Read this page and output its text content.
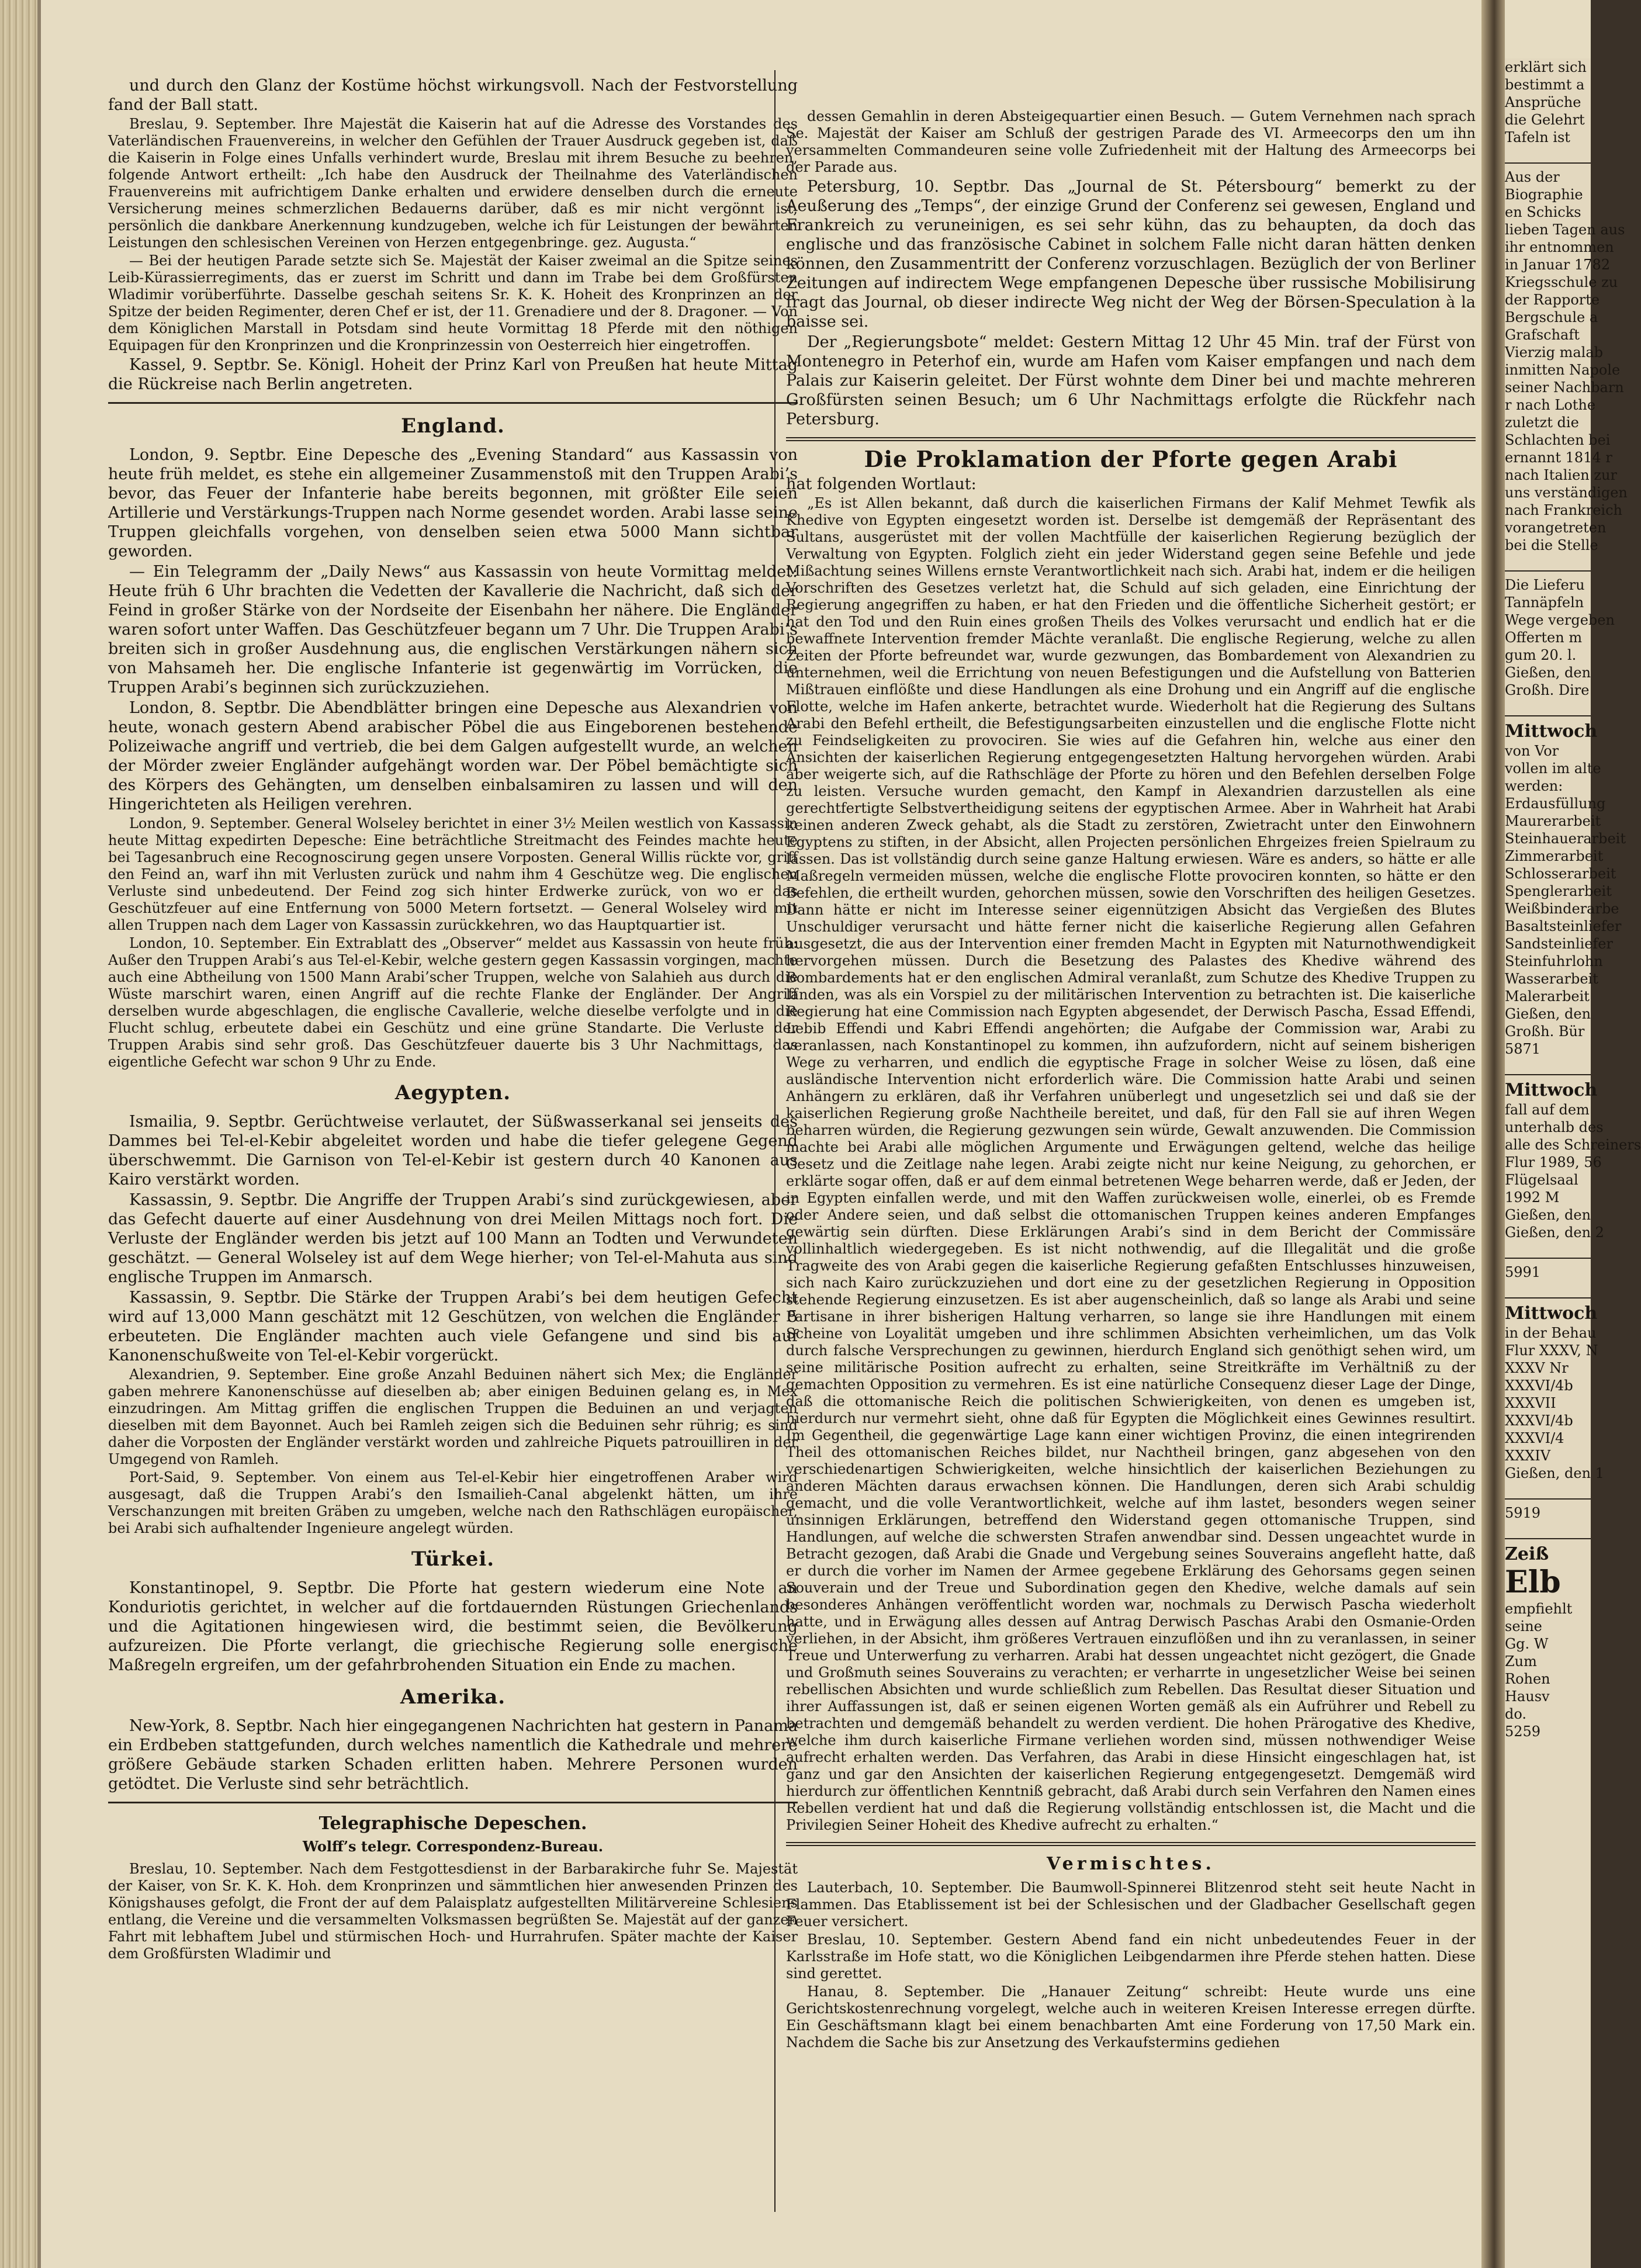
und durch den Glanz der Kostüme höchst wirkungsvoll. Nach der Festvorstellung fand der Ball statt.

Breslau, 9. September. Ihre Majestät die Kaiserin hat auf die Adresse des Vorstandes des Vaterländischen Frauenvereins, in welcher den Gefühlen der Trauer Ausdruck gegeben ist, daß die Kaiserin in Folge eines Unfalls verhindert wurde, Breslau mit ihrem Besuche zu beehren, folgende Antwort ertheilt: „Ich habe den Ausdruck der Theilnahme des Vaterländischen Frauenvereins mit aufrichtigem Danke erhalten und erwidere denselben durch die erneute Versicherung meines schmerzlichen Bedauerns darüber, daß es mir nicht vergönnt ist, persönlich die dankbare Anerkennung kundzugeben, welche ich für Leistungen der bewährten Leistungen den schlesischen Vereinen von Herzen entgegenbringe. gez. Augusta.“

— Bei der heutigen Parade setzte sich Se. Majestät der Kaiser zweimal an die Spitze seines Leib-Kürassierregiments, das er zuerst im Schritt und dann im Trabe bei dem Großfürsten Wladimir vorüberführte. Dasselbe geschah seitens Sr. K. K. Hoheit des Kronprinzen an der Spitze der beiden Regimenter, deren Chef er ist, der 11. Grenadiere und der 8. Dragoner. — Von dem Königlichen Marstall in Potsdam sind heute Vormittag 18 Pferde mit den nöthigen Equipagen für den Kronprinzen und die Kronprinzessin von Oesterreich hier eingetroffen.

Kassel, 9. Septbr. Se. Königl. Hoheit der Prinz Karl von Preußen hat heute Mittag die Rückreise nach Berlin angetreten.

England.

London, 9. Septbr. Eine Depesche des „Evening Standard“ aus Kassassin von heute früh meldet, es stehe ein allgemeiner Zusammenstoß mit den Truppen Arabi’s bevor, das Feuer der Infanterie habe bereits begonnen, mit größter Eile seien Artillerie und Verstärkungs-Truppen nach Norme gesendet worden. Arabi lasse seine Truppen gleichfalls vorgehen, von denselben seien etwa 5000 Mann sichtbar geworden.

— Ein Telegramm der „Daily News“ aus Kassassin von heute Vormittag meldet: Heute früh 6 Uhr brachten die Vedetten der Kavallerie die Nachricht, daß sich der Feind in großer Stärke von der Nordseite der Eisenbahn her nähere. Die Engländer waren sofort unter Waffen. Das Geschützfeuer begann um 7 Uhr. Die Truppen Arabi’s breiten sich in großer Ausdehnung aus, die englischen Verstärkungen nähern sich von Mahsameh her. Die englische Infanterie ist gegenwärtig im Vorrücken, die Truppen Arabi’s beginnen sich zurückzuziehen.

London, 8. Septbr. Die Abendblätter bringen eine Depesche aus Alexandrien von heute, wonach gestern Abend arabischer Pöbel die aus Eingeborenen bestehende Polizeiwache angriff und vertrieb, die bei dem Galgen aufgestellt wurde, an welchen der Mörder zweier Engländer aufgehängt worden war. Der Pöbel bemächtigte sich des Körpers des Gehängten, um denselben einbalsamiren zu lassen und will den Hingerichteten als Heiligen verehren.

London, 9. September. General Wolseley berichtet in einer 3½ Meilen westlich von Kassassin heute Mittag expedirten Depesche: Eine beträchtliche Streitmacht des Feindes machte heute bei Tagesanbruch eine Recognoscirung gegen unsere Vorposten. General Willis rückte vor, griff den Feind an, warf ihn mit Verlusten zurück und nahm ihm 4 Geschütze weg. Die englischen Verluste sind unbedeutend. Der Feind zog sich hinter Erdwerke zurück, von wo er das Geschützfeuer auf eine Entfernung von 5000 Metern fortsetzt. — General Wolseley wird mit allen Truppen nach dem Lager von Kassassin zurückkehren, wo das Hauptquartier ist.

London, 10. September. Ein Extrablatt des „Observer“ meldet aus Kassassin von heute früh: Außer den Truppen Arabi’s aus Tel-el-Kebir, welche gestern gegen Kassassin vorgingen, machte auch eine Abtheilung von 1500 Mann Arabi’scher Truppen, welche von Salahieh aus durch die Wüste marschirt waren, einen Angriff auf die rechte Flanke der Engländer. Der Angriff derselben wurde abgeschlagen, die englische Cavallerie, welche dieselbe verfolgte und in die Flucht schlug, erbeutete dabei ein Geschütz und eine grüne Standarte. Die Verluste der Truppen Arabis sind sehr groß. Das Geschützfeuer dauerte bis 3 Uhr Nachmittags, das eigentliche Gefecht war schon 9 Uhr zu Ende.

Aegypten.

Ismailia, 9. Septbr. Gerüchtweise verlautet, der Süßwasserkanal sei jenseits des Dammes bei Tel-el-Kebir abgeleitet worden und habe die tiefer gelegene Gegend überschwemmt. Die Garnison von Tel-el-Kebir ist gestern durch 40 Kanonen aus Kairo verstärkt worden.

Kassassin, 9. Septbr. Die Angriffe der Truppen Arabi’s sind zurückgewiesen, aber das Gefecht dauerte auf einer Ausdehnung von drei Meilen Mittags noch fort. Die Verluste der Engländer werden bis jetzt auf 100 Mann an Todten und Verwundeten geschätzt. — General Wolseley ist auf dem Wege hierher; von Tel-el-Mahuta aus sind englische Truppen im Anmarsch.

Kassassin, 9. Septbr. Die Stärke der Truppen Arabi’s bei dem heutigen Gefecht wird auf 13,000 Mann geschätzt mit 12 Geschützen, von welchen die Engländer 5 erbeuteten. Die Engländer machten auch viele Gefangene und sind bis auf Kanonenschußweite von Tel-el-Kebir vorgerückt.

Alexandrien, 9. September. Eine große Anzahl Beduinen nähert sich Mex; die Engländer gaben mehrere Kanonenschüsse auf dieselben ab; aber einigen Beduinen gelang es, in Mex einzudringen. Am Mittag griffen die englischen Truppen die Beduinen an und verjagten dieselben mit dem Bayonnet. Auch bei Ramleh zeigen sich die Beduinen sehr rührig; es sind daher die Vorposten der Engländer verstärkt worden und zahlreiche Piquets patrouilliren in der Umgegend von Ramleh.

Port-Said, 9. September. Von einem aus Tel-el-Kebir hier eingetroffenen Araber wird ausgesagt, daß die Truppen Arabi’s den Ismailieh-Canal abgelenkt hätten, um ihre Verschanzungen mit breiten Gräben zu umgeben, welche nach den Rathschlägen europäischer, bei Arabi sich aufhaltender Ingenieure angelegt würden.

Türkei.

Konstantinopel, 9. Septbr. Die Pforte hat gestern wiederum eine Note an Konduriotis gerichtet, in welcher auf die fortdauernden Rüstungen Griechenlands und die Agitationen hingewiesen wird, die bestimmt seien, die Bevölkerung aufzureizen. Die Pforte verlangt, die griechische Regierung solle energische Maßregeln ergreifen, um der gefahrbrohenden Situation ein Ende zu machen.

Amerika.

New-York, 8. Septbr. Nach hier eingegangenen Nachrichten hat gestern in Panama ein Erdbeben stattgefunden, durch welches namentlich die Kathedrale und mehrere größere Gebäude starken Schaden erlitten haben. Mehrere Personen wurden getödtet. Die Verluste sind sehr beträchtlich.

Telegraphische Depeschen.
Wolff’s telegr. Correspondenz-Bureau.

Breslau, 10. September. Nach dem Festgottesdienst in der Barbarakirche fuhr Se. Majestät der Kaiser, von Sr. K. K. Hoh. dem Kronprinzen und sämmtlichen hier anwesenden Prinzen des Königshauses gefolgt, die Front der auf dem Palaisplatz aufgestellten Militärvereine Schlesiens entlang, die Vereine und die versammelten Volksmassen begrüßten Se. Majestät auf der ganzen Fahrt mit lebhaftem Jubel und stürmischen Hoch- und Hurrahrufen. Später machte der Kaiser dem Großfürsten Wladimir und

dessen Gemahlin in deren Absteigequartier einen Besuch. — Gutem Vernehmen nach sprach Se. Majestät der Kaiser am Schluß der gestrigen Parade des VI. Armeecorps den um ihn versammelten Commandeuren seine volle Zufriedenheit mit der Haltung des Armeecorps bei der Parade aus.

Petersburg, 10. Septbr. Das „Journal de St. Pétersbourg“ bemerkt zu der Aeußerung des „Temps“, der einzige Grund der Conferenz sei gewesen, England und Frankreich zu veruneinigen, es sei sehr kühn, das zu behaupten, da doch das englische und das französische Cabinet in solchem Falle nicht daran hätten denken können, den Zusammentritt der Conferenz vorzuschlagen. Bezüglich der von Berliner Zeitungen auf indirectem Wege empfangenen Depesche über russische Mobilisirung fragt das Journal, ob dieser indirecte Weg nicht der Weg der Börsen-Speculation à la baisse sei.

Der „Regierungsbote“ meldet: Gestern Mittag 12 Uhr 45 Min. traf der Fürst von Montenegro in Peterhof ein, wurde am Hafen vom Kaiser empfangen und nach dem Palais zur Kaiserin geleitet. Der Fürst wohnte dem Diner bei und machte mehreren Großfürsten seinen Besuch; um 6 Uhr Nachmittags erfolgte die Rückfehr nach Petersburg.

Die Proklamation der Pforte gegen Arabi

hat folgenden Wortlaut:

„Es ist Allen bekannt, daß durch die kaiserlichen Firmans der Kalif Mehmet Tewfik als Khedive von Egypten eingesetzt worden ist. Derselbe ist demgemäß der Repräsentant des Sultans, ausgerüstet mit der vollen Machtfülle der kaiserlichen Regierung bezüglich der Verwaltung von Egypten. Folglich zieht ein jeder Widerstand gegen seine Befehle und jede Mißachtung seines Willens ernste Verantwortlichkeit nach sich. Arabi hat, indem er die heiligen Vorschriften des Gesetzes verletzt hat, die Schuld auf sich geladen, eine Einrichtung der Regierung angegriffen zu haben, er hat den Frieden und die öffentliche Sicherheit gestört; er hat den Tod und den Ruin eines großen Theils des Volkes verursacht und endlich hat er die bewaffnete Intervention fremder Mächte veranlaßt. Die englische Regierung, welche zu allen Zeiten der Pforte befreundet war, wurde gezwungen, das Bombardement von Alexandrien zu unternehmen, weil die Errichtung von neuen Befestigungen und die Aufstellung von Batterien Mißtrauen einflößte und diese Handlungen als eine Drohung und ein Angriff auf die englische Flotte, welche im Hafen ankerte, betrachtet wurde. Wiederholt hat die Regierung des Sultans Arabi den Befehl ertheilt, die Befestigungsarbeiten einzustellen und die englische Flotte nicht zu Feindseligkeiten zu provociren. Sie wies auf die Gefahren hin, welche aus einer den Ansichten der kaiserlichen Regierung entgegengesetzten Haltung hervorgehen würden. Arabi aber weigerte sich, auf die Rathschläge der Pforte zu hören und den Befehlen derselben Folge zu leisten. Versuche wurden gemacht, den Kampf in Alexandrien darzustellen als eine gerechtfertigte Selbstvertheidigung seitens der egyptischen Armee. Aber in Wahrheit hat Arabi keinen anderen Zweck gehabt, als die Stadt zu zerstören, Zwietracht unter den Einwohnern Egyptens zu stiften, in der Absicht, allen Projecten persönlichen Ehrgeizes freien Spielraum zu lassen. Das ist vollständig durch seine ganze Haltung erwiesen. Wäre es anders, so hätte er alle Maßregeln vermeiden müssen, welche die englische Flotte provociren konnten, so hätte er den Befehlen, die ertheilt wurden, gehorchen müssen, sowie den Vorschriften des heiligen Gesetzes. Dann hätte er nicht im Interesse seiner eigennützigen Absicht das Vergießen des Blutes Unschuldiger verursacht und hätte ferner nicht die kaiserliche Regierung allen Gefahren ausgesetzt, die aus der Intervention einer fremden Macht in Egypten mit Naturnothwendigkeit hervorgehen müssen. Durch die Besetzung des Palastes des Khedive während des Bombardements hat er den englischen Admiral veranlaßt, zum Schutze des Khedive Truppen zu landen, was als ein Vorspiel zu der militärischen Intervention zu betrachten ist. Die kaiserliche Regierung hat eine Commission nach Egypten abgesendet, der Derwisch Pascha, Essad Effendi, Lebib Effendi und Kabri Effendi angehörten; die Aufgabe der Commission war, Arabi zu veranlassen, nach Konstantinopel zu kommen, ihn aufzufordern, nicht auf seinem bisherigen Wege zu verharren, und endlich die egyptische Frage in solcher Weise zu lösen, daß eine ausländische Intervention nicht erforderlich wäre. Die Commission hatte Arabi und seinen Anhängern zu erklären, daß ihr Verfahren unüberlegt und ungesetzlich sei und daß sie der kaiserlichen Regierung große Nachtheile bereitet, und daß, für den Fall sie auf ihren Wegen beharren würden, die Regierung gezwungen sein würde, Gewalt anzuwenden. Die Commission machte bei Arabi alle möglichen Argumente und Erwägungen geltend, welche das heilige Gesetz und die Zeitlage nahe legen. Arabi zeigte nicht nur keine Neigung, zu gehorchen, er erklärte sogar offen, daß er auf dem einmal betretenen Wege beharren werde, daß er Jeden, der in Egypten einfallen werde, und mit den Waffen zurückweisen wolle, einerlei, ob es Fremde oder Andere seien, und daß selbst die ottomanischen Truppen keines anderen Empfanges gewärtig sein dürften. Diese Erklärungen Arabi’s sind in dem Bericht der Commissäre vollinhaltlich wiedergegeben. Es ist nicht nothwendig, auf die Illegalität und die große Tragweite des von Arabi gegen die kaiserliche Regierung gefaßten Entschlusses hinzuweisen, sich nach Kairo zurückzuziehen und dort eine zu der gesetzlichen Regierung in Opposition stehende Regierung einzusetzen. Es ist aber augenscheinlich, daß so lange als Arabi und seine Partisane in ihrer bisherigen Haltung verharren, so lange sie ihre Handlungen mit einem Scheine von Loyalität umgeben und ihre schlimmen Absichten verheimlichen, um das Volk durch falsche Versprechungen zu gewinnen, hierdurch England sich genöthigt sehen wird, um seine militärische Position aufrecht zu erhalten, seine Streitkräfte im Verhältniß zu der gemachten Opposition zu vermehren. Es ist eine natürliche Consequenz dieser Lage der Dinge, daß die ottomanische Reich die politischen Schwierigkeiten, von denen es umgeben ist, hierdurch nur vermehrt sieht, ohne daß für Egypten die Möglichkeit eines Gewinnes resultirt. Im Gegentheil, die gegenwärtige Lage kann einer wichtigen Provinz, die einen integrirenden Theil des ottomanischen Reiches bildet, nur Nachtheil bringen, ganz abgesehen von den verschiedenartigen Schwierigkeiten, welche hinsichtlich der kaiserlichen Beziehungen zu anderen Mächten daraus erwachsen können. Die Handlungen, deren sich Arabi schuldig gemacht, und die volle Verantwortlichkeit, welche auf ihm lastet, besonders wegen seiner unsinnigen Erklärungen, betreffend den Widerstand gegen ottomanische Truppen, sind Handlungen, auf welche die schwersten Strafen anwendbar sind. Dessen ungeachtet wurde in Betracht gezogen, daß Arabi die Gnade und Vergebung seines Souverains angefleht hatte, daß er durch die vorher im Namen der Armee gegebene Erklärung des Gehorsams gegen seinen Souverain und der Treue und Subordination gegen den Khedive, welche damals auf sein besonderes Anhängen veröffentlicht worden war, nochmals zu Derwisch Pascha wiederholt hatte, und in Erwägung alles dessen auf Antrag Derwisch Paschas Arabi den Osmanie-Orden verliehen, in der Absicht, ihm größeres Vertrauen einzuflößen und ihn zu veranlassen, in seiner Treue und Unterwerfung zu verharren. Arabi hat dessen ungeachtet nicht gezögert, die Gnade und Großmuth seines Souverains zu verachten; er verharrte in ungesetzlicher Weise bei seinen rebellischen Absichten und wurde schließlich zum Rebellen. Das Resultat dieser Situation und ihrer Auffassungen ist, daß er seinen eigenen Worten gemäß als ein Aufrührer und Rebell zu betrachten und demgemäß behandelt zu werden verdient. Die hohen Prärogative des Khedive, welche ihm durch kaiserliche Firmane verliehen worden sind, müssen nothwendiger Weise aufrecht erhalten werden. Das Verfahren, das Arabi in diese Hinsicht eingeschlagen hat, ist ganz und gar den Ansichten der kaiserlichen Regierung entgegengesetzt. Demgemäß wird hierdurch zur öffentlichen Kenntniß gebracht, daß Arabi durch sein Verfahren den Namen eines Rebellen verdient hat und daß die Regierung vollständig entschlossen ist, die Macht und die Privilegien Seiner Hoheit des Khedive aufrecht zu erhalten.“

Vermischtes.

Lauterbach, 10. September. Die Baumwoll-Spinnerei Blitzenrod steht seit heute Nacht in Flammen. Das Etablissement ist bei der Schlesischen und der Gladbacher Gesellschaft gegen Feuer versichert.

Breslau, 10. September. Gestern Abend fand ein nicht unbedeutendes Feuer in der Karlsstraße im Hofe statt, wo die Königlichen Leibgendarmen ihre Pferde stehen hatten. Diese sind gerettet.

Hanau, 8. September. Die „Hanauer Zeitung“ schreibt: Heute wurde uns eine Gerichtskostenrechnung vorgelegt, welche auch in weiteren Kreisen Interesse erregen dürfte. Ein Geschäftsmann klagt bei einem benachbarten Amt eine Forderung von 17,50 Mark ein. Nachdem die Sache bis zur Ansetzung des Verkaufstermins gediehen

erklärt sich
bestimmt a
Ansprüche
die Gelehrt
Tafeln ist
Aus der
Biographie
en Schicks
lieben Tagen aus
ihr entnommen
in Januar 1782
Kriegsschule zu
der Rapporte
Bergschule a
Grafschaft
Vierzig malab
inmitten Napole
seiner Nachbarn
r nach Lothe
zuletzt die
Schlachten bei
ernannt 1814 r
nach Italien zur
uns verständigen
nach Frankreich
vorangetreten
bei die Stelle
Die Lieferu
Tannäpfeln
Wege vergeben
Offerten m
gum 20. l.
Gießen, den
Großh. Dire
Mittwoch
von Vor
vollen im alte
werden:
Erdausfüllung
Maurerarbeit
Steinhauerarbeit
Zimmerarbeit
Schlosserarbeit
Spenglerarbeit
Weißbinderarbe
Basaltsteinliefer
Sandsteinliefer
Steinfuhrlohn
Wasserarbeit
Malerarbeit
Gießen, den
Großh. Bür
5871
Mittwoch
fall auf dem
unterhalb des
alle des Schreiners
Flur 1989, 56
Flügelsaal
1992 M
Gießen, den
Gießen, den 2
5991
Mittwoch
in der Behau
Flur XXXV, N
XXXV Nr
XXXVI/4b
XXXVII
XXXVI/4b
XXXVI/4
XXXIV
Gießen, den 1
5919
Zeiß
Elb
empfiehlt
seine
Gg. W
Zum
Rohen
Hausv
do.
5259
